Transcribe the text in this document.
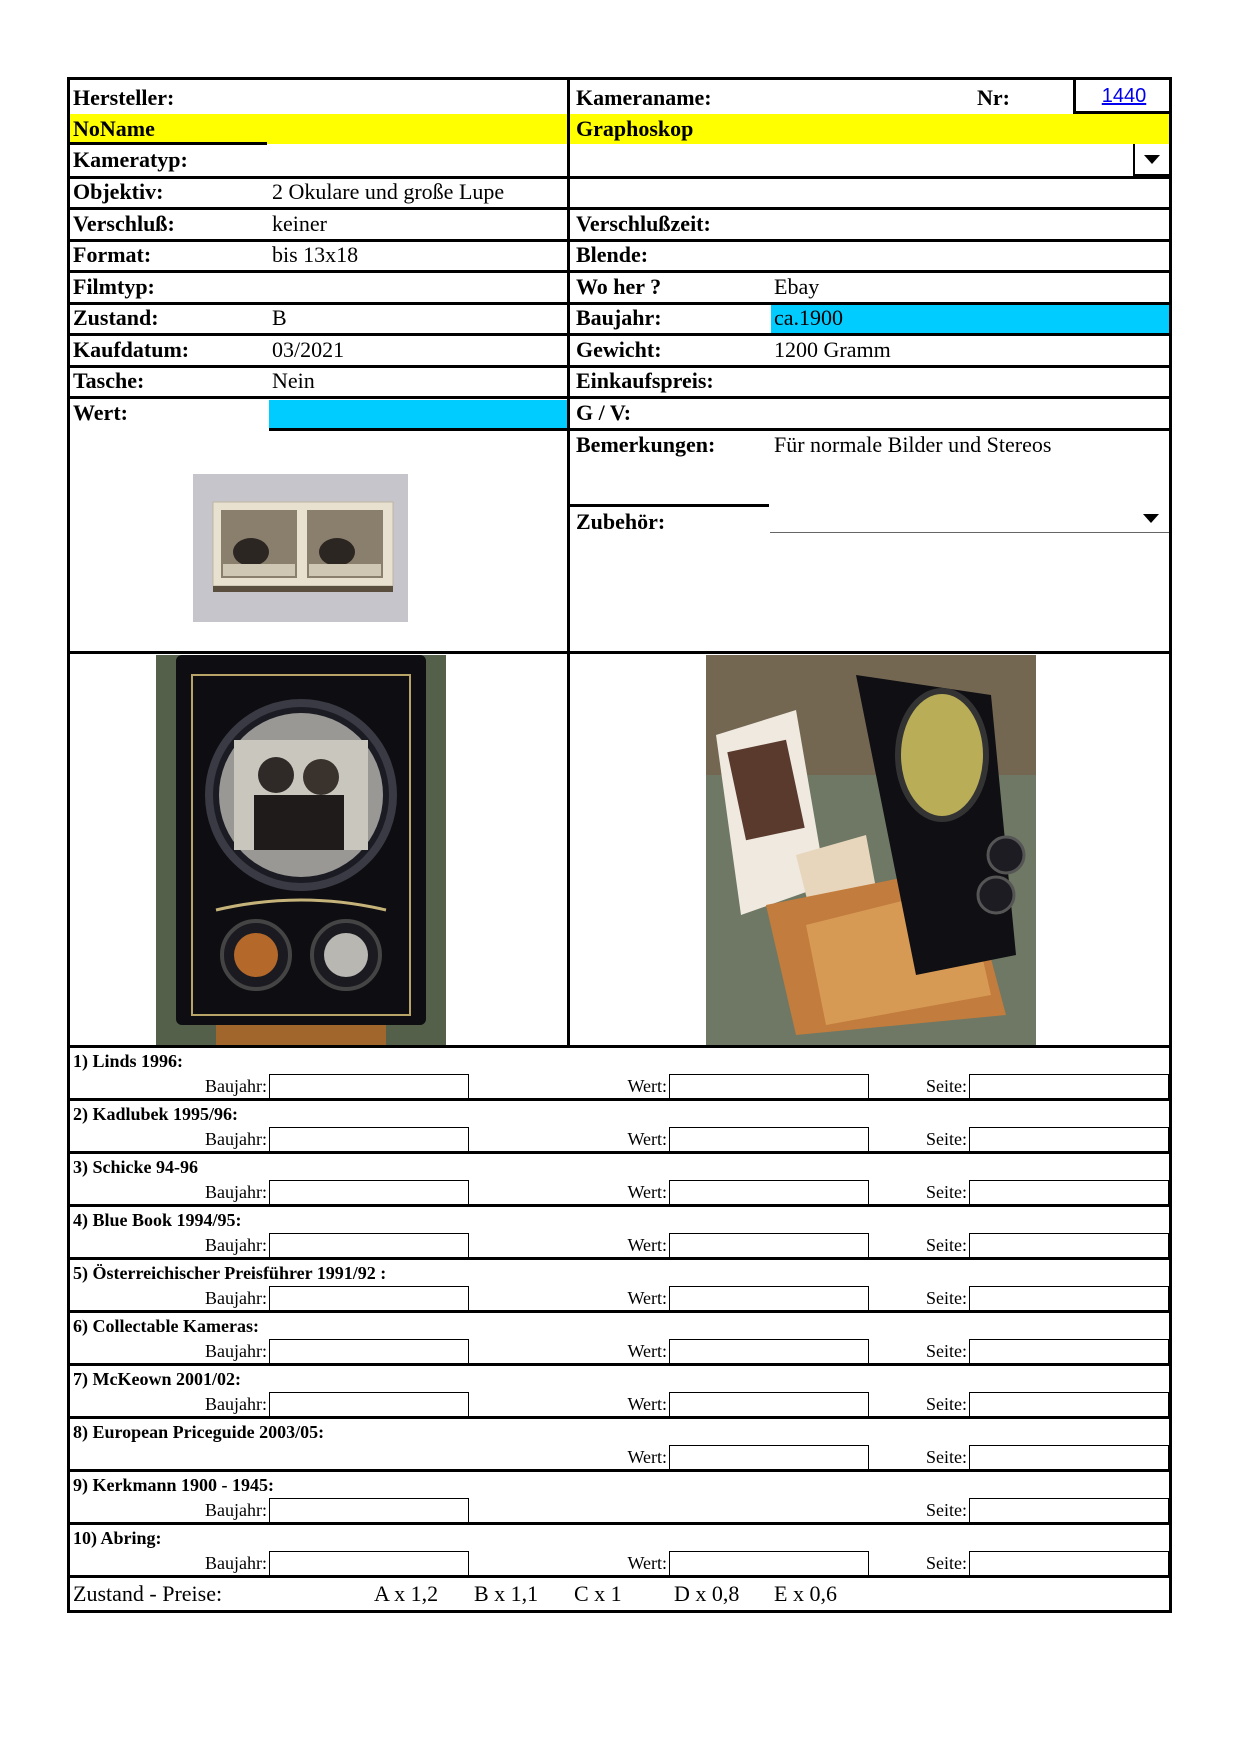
Hersteller:	Kameraname:	Nr:	1440
NoName	Graphoskop
Kameratyp:
Objektiv:	2 Okulare und große Lupe
Verschluß:	keiner	Verschlußzeit:
Format:	bis 13x18	Blende:
Filmtyp:	Wo her ?	Ebay
Zustand:	B	Baujahr:	ca.1900
Kaufdatum:	03/2021	Gewicht:	1200 Gramm
Tasche:	Nein	Einkaufspreis:
Wert:	G / V:
Bemerkungen:	Für normale Bilder und Stereos
Zubehör:
1) Linds 1996:
Baujahr:	Wert:	Seite:
2) Kadlubek 1995/96:
Baujahr:	Wert:	Seite:
3) Schicke 94-96
Baujahr:	Wert:	Seite:
4) Blue Book 1994/95:
Baujahr:	Wert:	Seite:
5) Österreichischer Preisführer 1991/92 :
Baujahr:	Wert:	Seite:
6) Collectable Kameras:
Baujahr:	Wert:	Seite:
7) McKeown 2001/02:
Baujahr:	Wert:	Seite:
8) European Priceguide 2003/05:
Wert:	Seite:
9) Kerkmann 1900 - 1945:
Baujahr:	Seite:
10) Abring:
Baujahr:	Wert:	Seite:
Zustand - Preise:	A x 1,2 B x 1,1 C x 1 D x 0,8 E x 0,6
